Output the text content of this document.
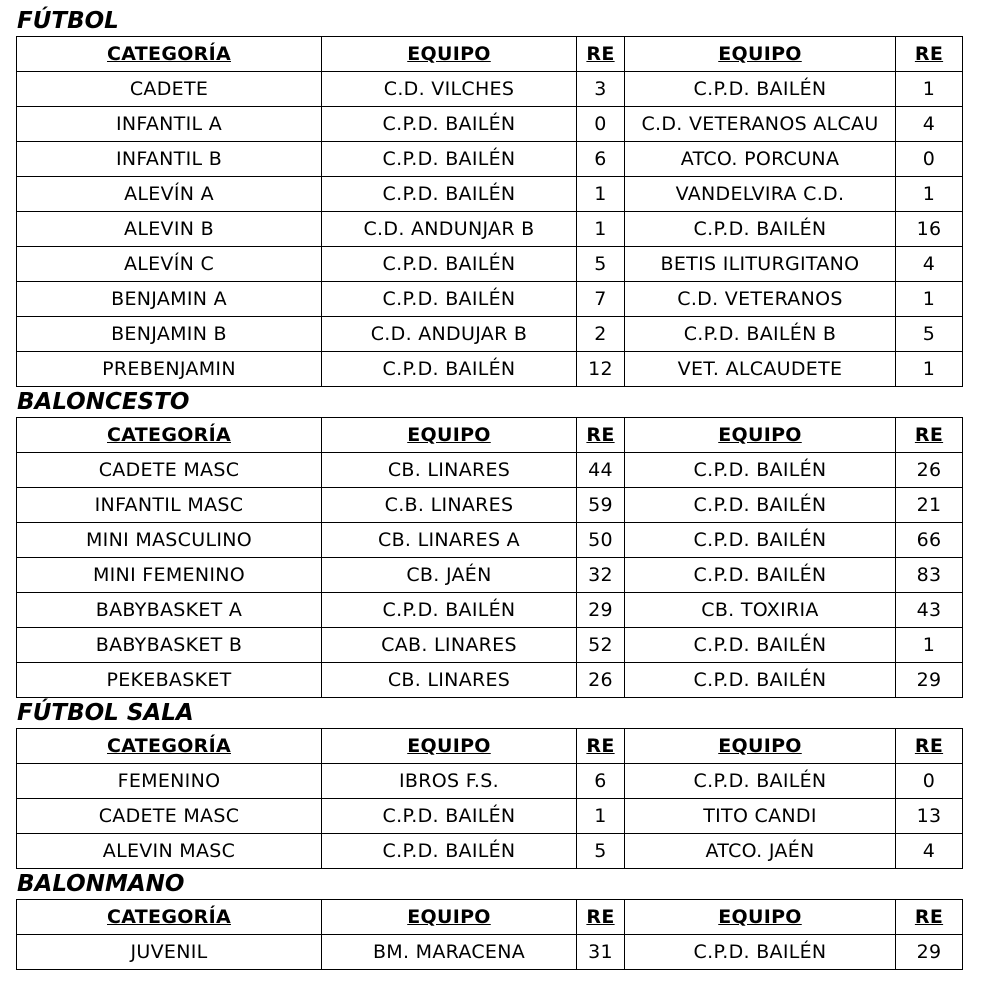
FÚTBOL
CATEGORÍA	EQUIPO	RE	EQUIPO	RE
CADETE	C.D. VILCHES	3	C.P.D. BAILÉN	1
INFANTIL A	C.P.D. BAILÉN	0	C.D. VETERANOS ALCAU	4
INFANTIL B	C.P.D. BAILÉN	6	ATCO. PORCUNA	0
ALEVÍN A	C.P.D. BAILÉN	1	VANDELVIRA C.D.	1
ALEVIN B	C.D. ANDUNJAR B	1	C.P.D. BAILÉN	16
ALEVÍN C	C.P.D. BAILÉN	5	BETIS ILITURGITANO	4
BENJAMIN A	C.P.D. BAILÉN	7	C.D. VETERANOS	1
BENJAMIN B	C.D. ANDUJAR B	2	C.P.D. BAILÉN B	5
PREBENJAMIN	C.P.D. BAILÉN	12	VET. ALCAUDETE	1
BALONCESTO
CATEGORÍA	EQUIPO	RE	EQUIPO	RE
CADETE MASC	CB. LINARES	44	C.P.D. BAILÉN	26
INFANTIL MASC	C.B. LINARES	59	C.P.D. BAILÉN	21
MINI MASCULINO	CB. LINARES A	50	C.P.D. BAILÉN	66
MINI FEMENINO	CB. JAÉN	32	C.P.D. BAILÉN	83
BABYBASKET A	C.P.D. BAILÉN	29	CB. TOXIRIA	43
BABYBASKET B	CAB. LINARES	52	C.P.D. BAILÉN	1
PEKEBASKET	CB. LINARES	26	C.P.D. BAILÉN	29
FÚTBOL SALA
CATEGORÍA	EQUIPO	RE	EQUIPO	RE
FEMENINO	IBROS F.S.	6	C.P.D. BAILÉN	0
CADETE MASC	C.P.D. BAILÉN	1	TITO CANDI	13
ALEVIN MASC	C.P.D. BAILÉN	5	ATCO. JAÉN	4
BALONMANO
CATEGORÍA	EQUIPO	RE	EQUIPO	RE
JUVENIL	BM. MARACENA	31	C.P.D. BAILÉN	29
